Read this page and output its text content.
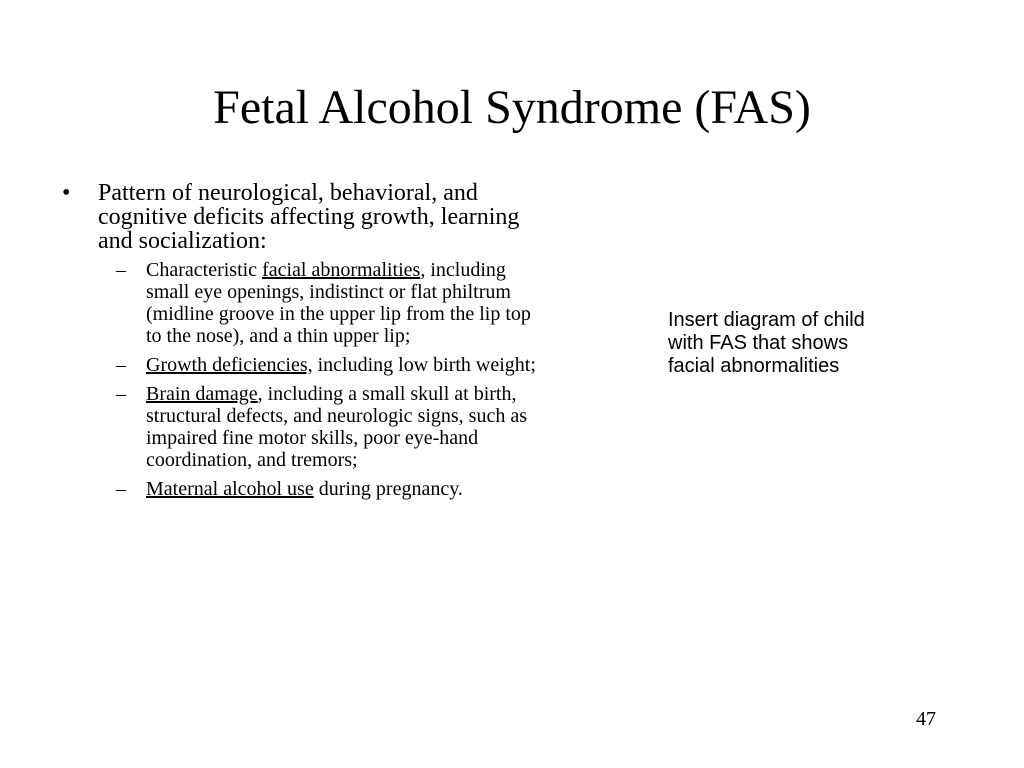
Fetal Alcohol Syndrome (FAS)
• Pattern of neurological, behavioral, and cognitive deficits affecting growth, learning and socialization:
– Characteristic facial abnormalities, including small eye openings, indistinct or flat philtrum (midline groove in the upper lip from the lip top to the nose), and a thin upper lip;
– Growth deficiencies, including low birth weight;
– Brain damage, including a small skull at birth, structural defects, and neurologic signs, such as impaired fine motor skills, poor eye-hand coordination, and tremors;
– Maternal alcohol use during pregnancy.
Insert diagram of child with FAS that shows facial abnormalities
47
